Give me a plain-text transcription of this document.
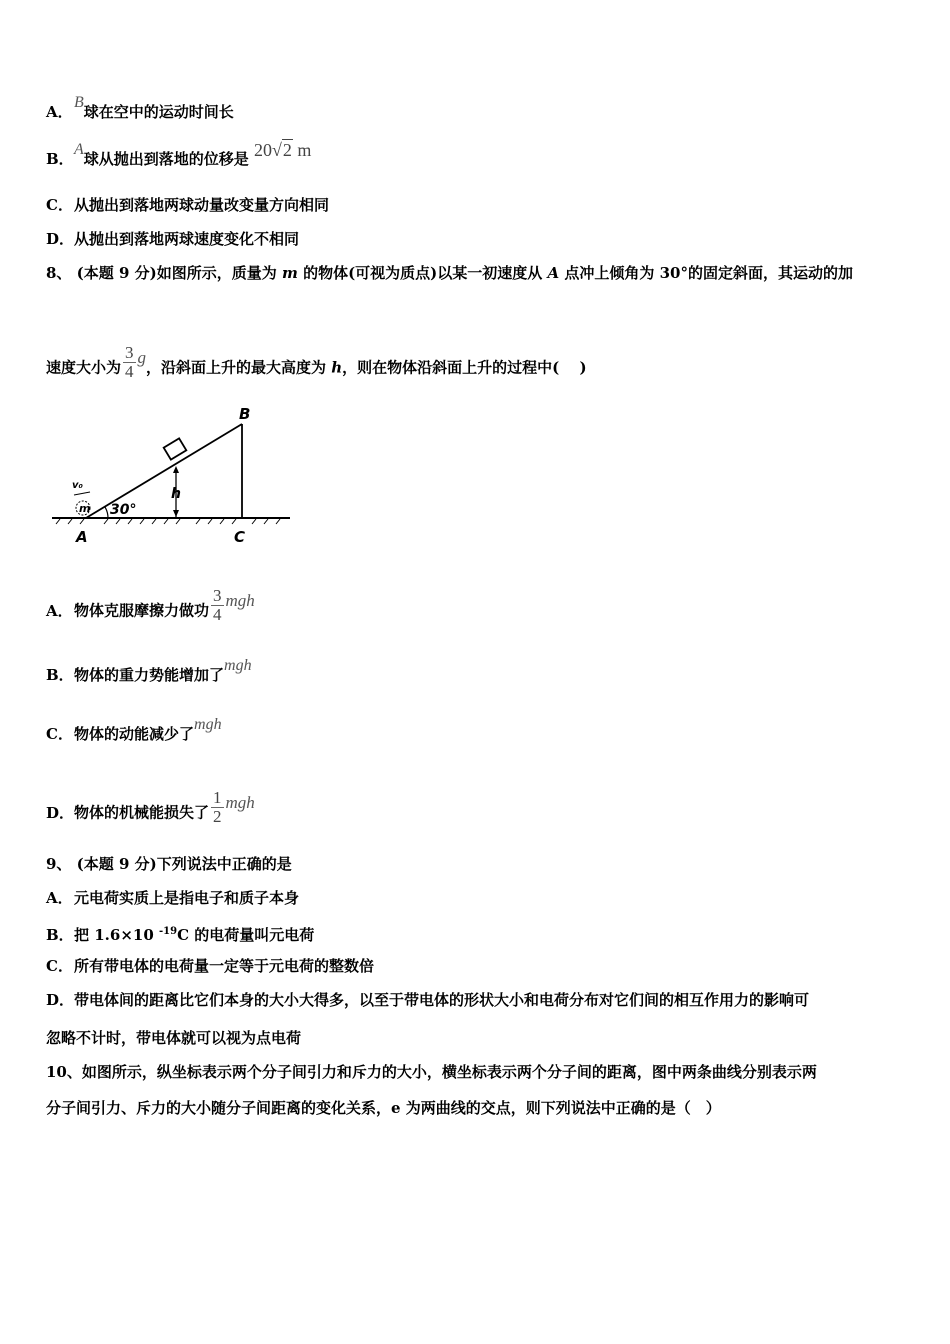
A．B球在空中的运动时间长
B．A球从抛出到落地的位移是 20√2 m
C．从抛出到落地两球动量改变量方向相同
D．从抛出到落地两球速度变化不相同
8、 (本题 9 分)如图所示，质量为 m 的物体(可视为质点)以某一初速度从 A 点冲上倾角为 30°的固定斜面，其运动的加
速度大小为 $\frac{3}{4}$ g，沿斜面上升的最大高度为 h，则在物体沿斜面上升的过程中(　 )
B
A	C
h
30°
m
v₀
A．物体克服摩擦力做功 $\frac{3}{4}$ mgh
B．物体的重力势能增加了mgh
C．物体的动能减少了mgh
D．物体的机械能损失了 $\frac{1}{2}$ mgh
9、 (本题 9 分)下列说法中正确的是
A．元电荷实质上是指电子和质子本身
B．把 1.6×10 $^{-19}$C 的电荷量叫元电荷
C．所有带电体的电荷量一定等于元电荷的整数倍
D．带电体间的距离比它们本身的大小大得多，以至于带电体的形状大小和电荷分布对它们间的相互作用力的影响可
忽略不计时，带电体就可以视为点电荷
10、如图所示，纵坐标表示两个分子间引力和斥力的大小，横坐标表示两个分子间的距离，图中两条曲线分别表示两
分子间引力、斥力的大小随分子间距离的变化关系，e 为两曲线的交点，则下列说法中正确的是（　）
